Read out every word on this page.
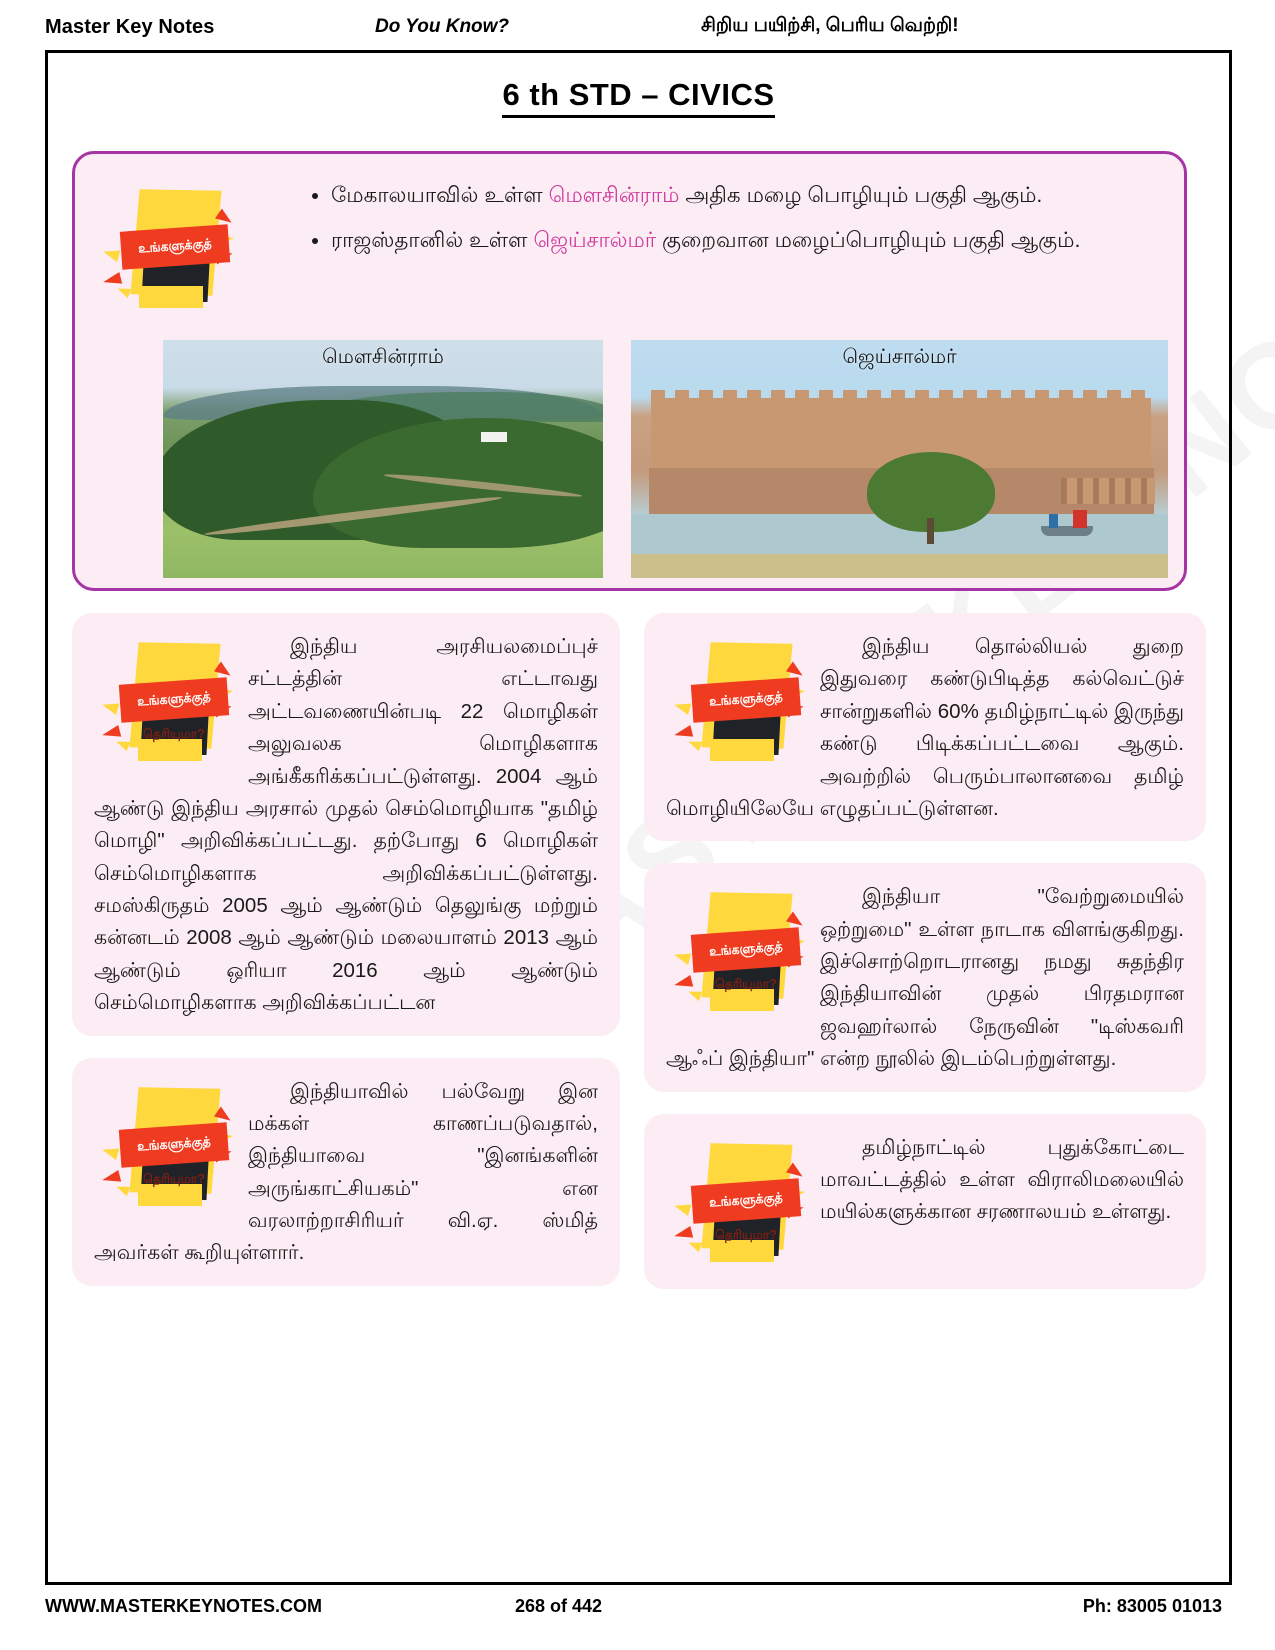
Master Key Notes	Do You Know?	சிறிய பயிற்சி, பெரிய வெற்றி!
6 th STD – CIVICS
உங்களுக்குத்
• மேகாலயாவில் உள்ள மௌசின்ராம் அதிக மழை பொழியும் பகுதி ஆகும்.
• ராஜஸ்தானில் உள்ள ஜெய்சால்மர் குறைவான மழைப்பொழியும் பகுதி ஆகும்.
மௌசின்ராம்	ஜெய்சால்மர்
உங்களுக்குத்
தெரியுமா?

இந்திய அரசியலமைப்புச் சட்டத்தின் எட்டாவது அட்டவணையின்படி 22 மொழிகள் அலுவலக மொழிகளாக அங்கீகரிக்கப்பட்டுள்ளது. 2004 ஆம் ஆண்டு இந்திய அரசால் முதல் செம்மொழியாக "தமிழ் மொழி" அறிவிக்கப்பட்டது. தற்போது 6 மொழிகள் செம்மொழிகளாக அறிவிக்கப்பட்டுள்ளது. சமஸ்கிருதம் 2005 ஆம் ஆண்டும் தெலுங்கு மற்றும் கன்னடம் 2008 ஆம் ஆண்டும் மலையாளம் 2013 ஆம் ஆண்டும் ஒரியா 2016 ஆம் ஆண்டும் செம்மொழிகளாக அறிவிக்கப்பட்டன

உங்களுக்குத்
தெரியுமா?

இந்தியாவில் பல்வேறு இன மக்கள் காணப்படுவதால், இந்தியாவை "இனங்களின் அருங்காட்சியகம்" என வரலாற்றாசிரியர் வி.ஏ. ஸ்மித் அவர்கள் கூறியுள்ளார்.

உங்களுக்குத்

இந்திய தொல்லியல் துறை இதுவரை கண்டுபிடித்த கல்வெட்டுச் சான்றுகளில் 60% தமிழ்நாட்டில் இருந்து கண்டு பிடிக்கப்பட்டவை ஆகும். அவற்றில் பெரும்பாலானவை தமிழ் மொழியிலேயே எழுதப்பட்டுள்ளன.

உங்களுக்குத்
தெரியுமா?

இந்தியா "வேற்றுமையில் ஒற்றுமை" உள்ள நாடாக விளங்குகிறது. இச்சொற்றொடரானது நமது சுதந்திர இந்தியாவின் முதல் பிரதமரான ஜவஹர்லால் நேருவின் "டிஸ்கவரி ஆஃப் இந்தியா" என்ற நூலில் இடம்பெற்றுள்ளது.

உங்களுக்குத்
தெரியுமா?

தமிழ்நாட்டில் புதுக்கோட்டை மாவட்டத்தில் உள்ள விராலிமலையில் மயில்களுக்கான சரணாலயம் உள்ளது.

WWW.MASTERKEYNOTES.COM	268 of 442	Ph: 83005 01013
